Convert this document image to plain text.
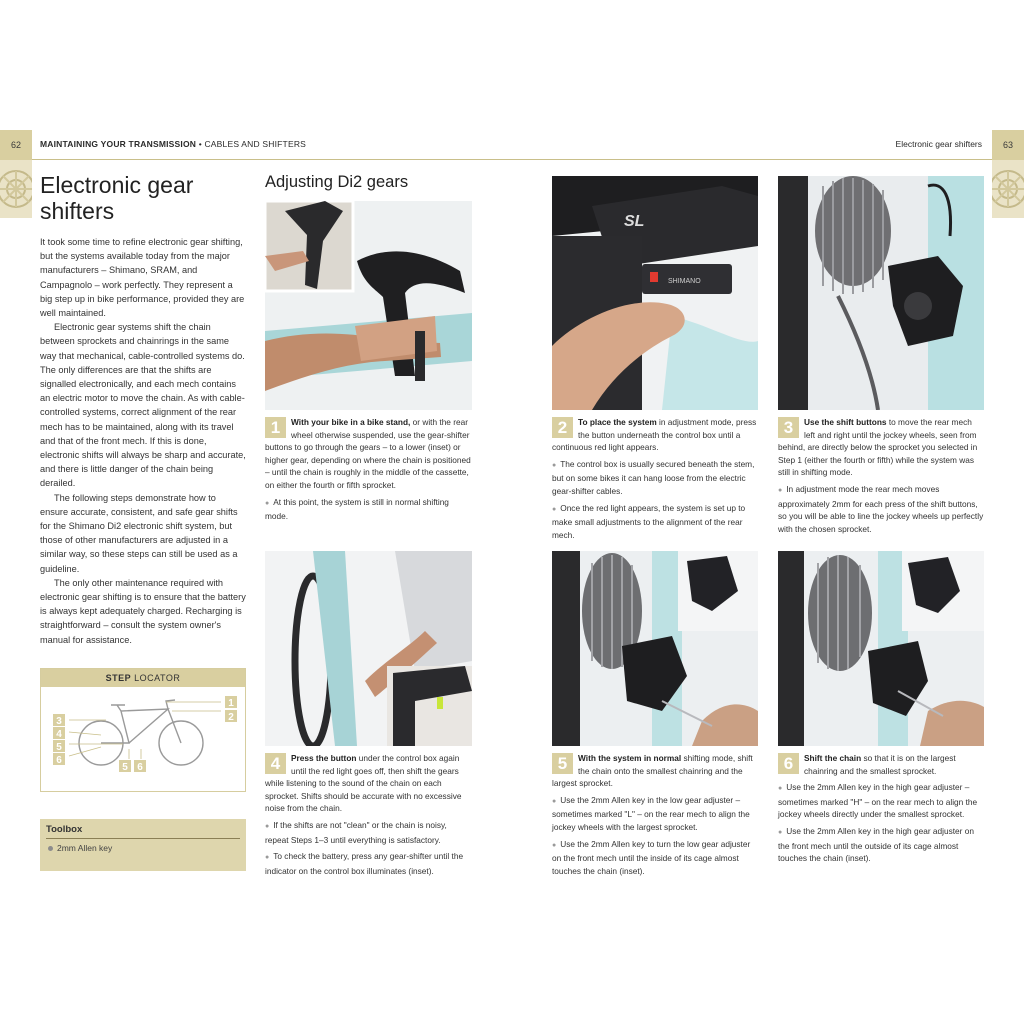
62	MAINTAINING YOUR TRANSMISSION • CABLES AND SHIFTERS	Electronic gear shifters	63
Electronic gear shifters

It took some time to refine electronic gear shifting, but the systems available today from the major manufacturers – Shimano, SRAM, and Campagnolo – work perfectly. They represent a big step up in bike performance, provided they are well maintained.

Electronic gear systems shift the chain between sprockets and chainrings in the same way that mechanical, cable-controlled systems do. The only differences are that the shifts are signalled electronically, and each mech contains an electric motor to move the chain. As with cable-controlled systems, correct alignment of the rear mech has to be maintained, along with its travel and that of the front mech. If this is done, electronic shifts will always be sharp and accurate, and there is little danger of the chain being derailed.

The following steps demonstrate how to ensure accurate, consistent, and safe gear shifts for the Shimano Di2 electronic shift system, but those of other manufacturers are adjusted in a similar way, so these steps can still be used as a guideline.

The only other maintenance required with electronic gear shifting is to ensure that the battery is always kept adequately charged. Recharging is straightforward – consult the system owner's manual for assistance.

STEP LOCATOR
1
2
3
4
5
6
5 6
Toolbox
2mm Allen key
Adjusting Di2 gears
SL
SHIMANO
1	With your bike in a bike stand, or with the rear wheel otherwise suspended, use the gear-shifter buttons to go through the gears – to a lower (inset) or higher gear, depending on where the chain is positioned – until the chain is roughly in the middle of the cassette, on either the fourth or fifth sprocket.
● At this point, the system is still in normal shifting mode.
2	To place the system in adjustment mode, press the button underneath the control box until a continuous red light appears.
● The control box is usually secured beneath the stem, but on some bikes it can hang loose from the electric gear-shifter cables.
● Once the red light appears, the system is set up to make small adjustments to the alignment of the rear mech.
3	Use the shift buttons to move the rear mech left and right until the jockey wheels, seen from behind, are directly below the sprocket you selected in Step 1 (either the fourth or fifth) while the system was still in shifting mode.
● In adjustment mode the rear mech moves approximately 2mm for each press of the shift buttons, so you will be able to line the jockey wheels up perfectly with the chosen sprocket.
4	Press the button under the control box again until the red light goes off, then shift the gears while listening to the sound of the chain on each sprocket. Shifts should be accurate with no excessive noise from the chain.
● If the shifts are not "clean" or the chain is noisy, repeat Steps 1–3 until everything is satisfactory.
● To check the battery, press any gear-shifter until the indicator on the control box illuminates (inset).
5	With the system in normal shifting mode, shift the chain onto the smallest chainring and the largest sprocket.
● Use the 2mm Allen key in the low gear adjuster – sometimes marked "L" – on the rear mech to align the jockey wheels with the largest sprocket.
● Use the 2mm Allen key to turn the low gear adjuster on the front mech until the inside of its cage almost touches the chain (inset).
6	Shift the chain so that it is on the largest chainring and the smallest sprocket.
● Use the 2mm Allen key in the high gear adjuster – sometimes marked "H" – on the rear mech to align the jockey wheels directly under the smallest sprocket.
● Use the 2mm Allen key in the high gear adjuster on the front mech until the outside of its cage almost touches the chain (inset).
